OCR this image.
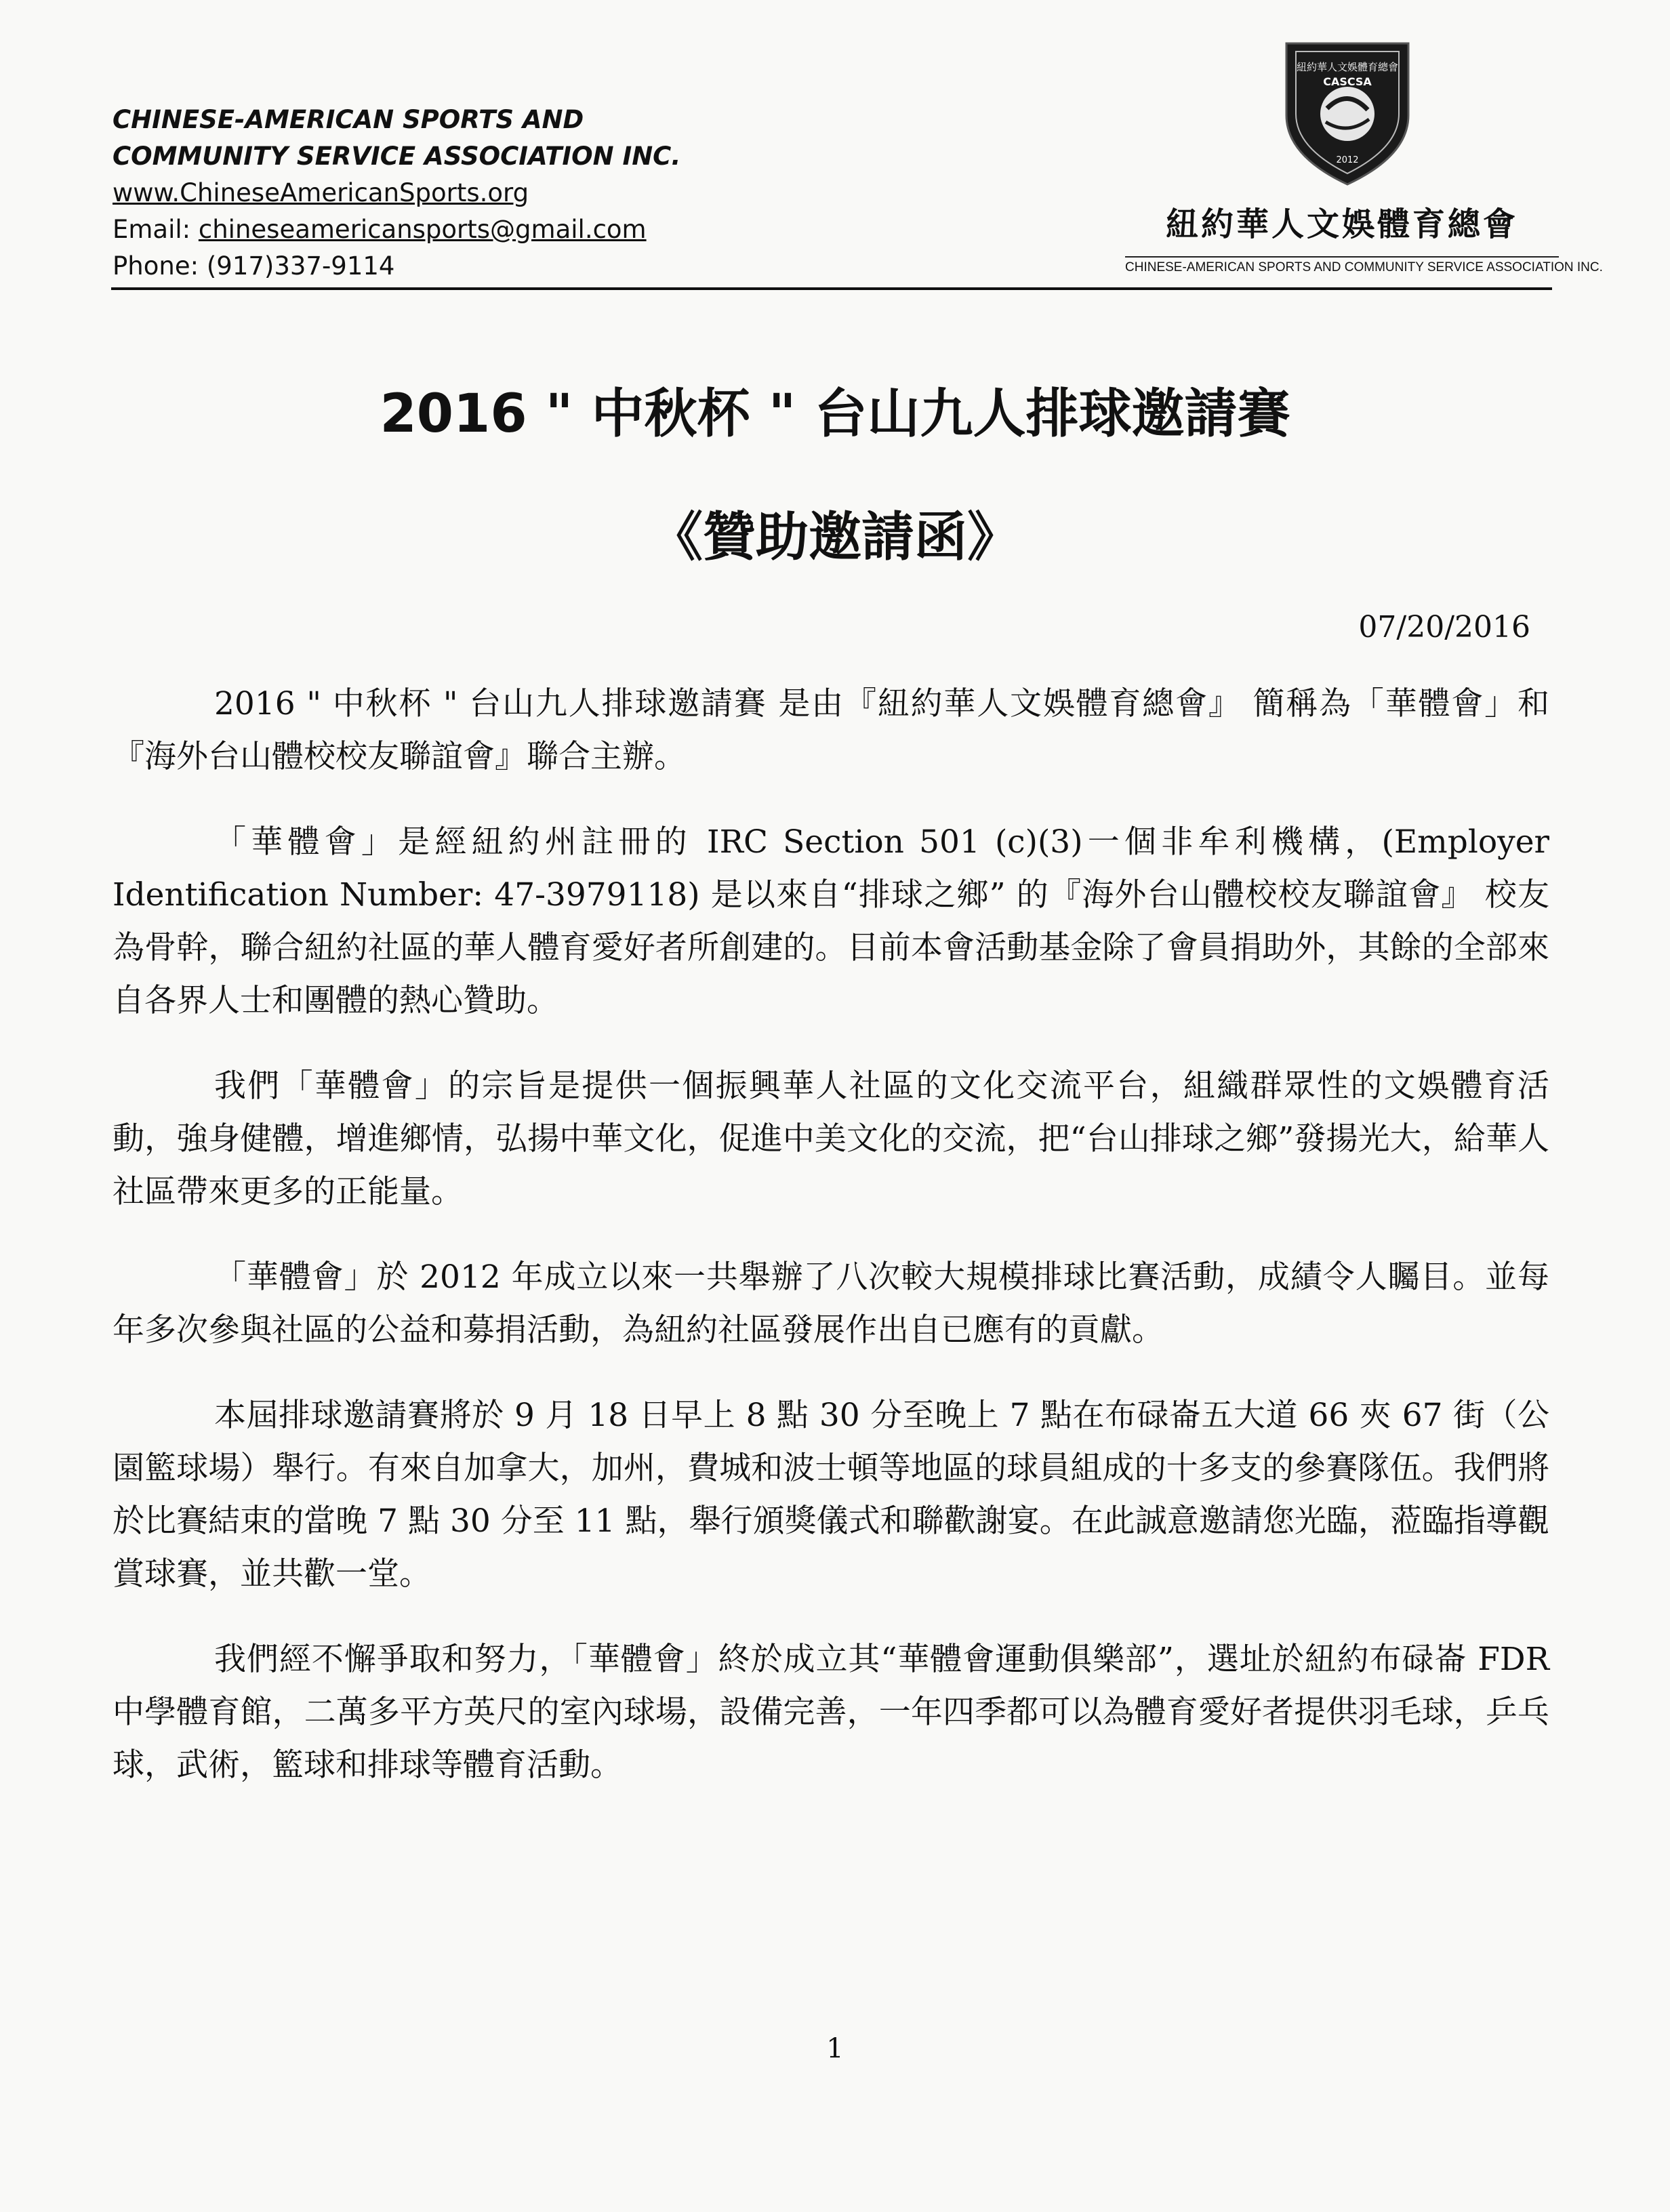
CHINESE-AMERICAN SPORTS AND
COMMUNITY SERVICE ASSOCIATION INC.
www.ChineseAmericanSports.org
Email: chineseamericansports@gmail.com
Phone: (917)337-9114
紐約華人文娛體育總會
CASCSA
2012
紐約華人文娛體育總會
CHINESE-AMERICAN SPORTS AND COMMUNITY SERVICE ASSOCIATION INC.
2016 " 中秋杯 " 台山九人排球邀請賽
《贊助邀請函》
07/20/2016

2016 " 中秋杯 " 台山九人排球邀請賽 是由『紐約華人文娛體育總會』 簡稱為「華體會」和 『海外台山體校校友聯誼會』聯合主辦。

「華體會」是經紐約州註冊的 IRC Section 501 (c)(3)一個非牟利機構，(Employer Identification Number: 47-3979118) 是以來自“排球之鄉” 的『海外台山體校校友聯誼會』 校友為骨幹，聯合紐約社區的華人體育愛好者所創建的。目前本會活動基金除了會員捐助外，其餘的全部來自各界人士和團體的熱心贊助。

我們「華體會」的宗旨是提供一個振興華人社區的文化交流平台，組織群眾性的文娛體育活動，強身健體，增進鄉情，弘揚中華文化，促進中美文化的交流，把“台山排球之鄉”發揚光大，給華人社區帶來更多的正能量。

「華體會」於 2012 年成立以來一共舉辦了八次較大規模排球比賽活動，成績令人矚目。並每年多次參與社區的公益和募捐活動，為紐約社區發展作出自已應有的貢獻。

本屆排球邀請賽將於 9 月 18 日早上 8 點 30 分至晚上 7 點在布碌崙五大道 66 夾 67 街（公園籃球場）舉行。有來自加拿大，加州，費城和波士頓等地區的球員組成的十多支的參賽隊伍。我們將於比賽結束的當晚 7 點 30 分至 11 點，舉行頒獎儀式和聯歡謝宴。在此誠意邀請您光臨，蒞臨指導觀賞球賽，並共歡一堂。

我們經不懈爭取和努力，「華體會」終於成立其“華體會運動俱樂部”，選址於紐約布碌崙 FDR 中學體育館，二萬多平方英尺的室內球場，設備完善，一年四季都可以為體育愛好者提供羽毛球，乒乓球，武術，籃球和排球等體育活動。

1
